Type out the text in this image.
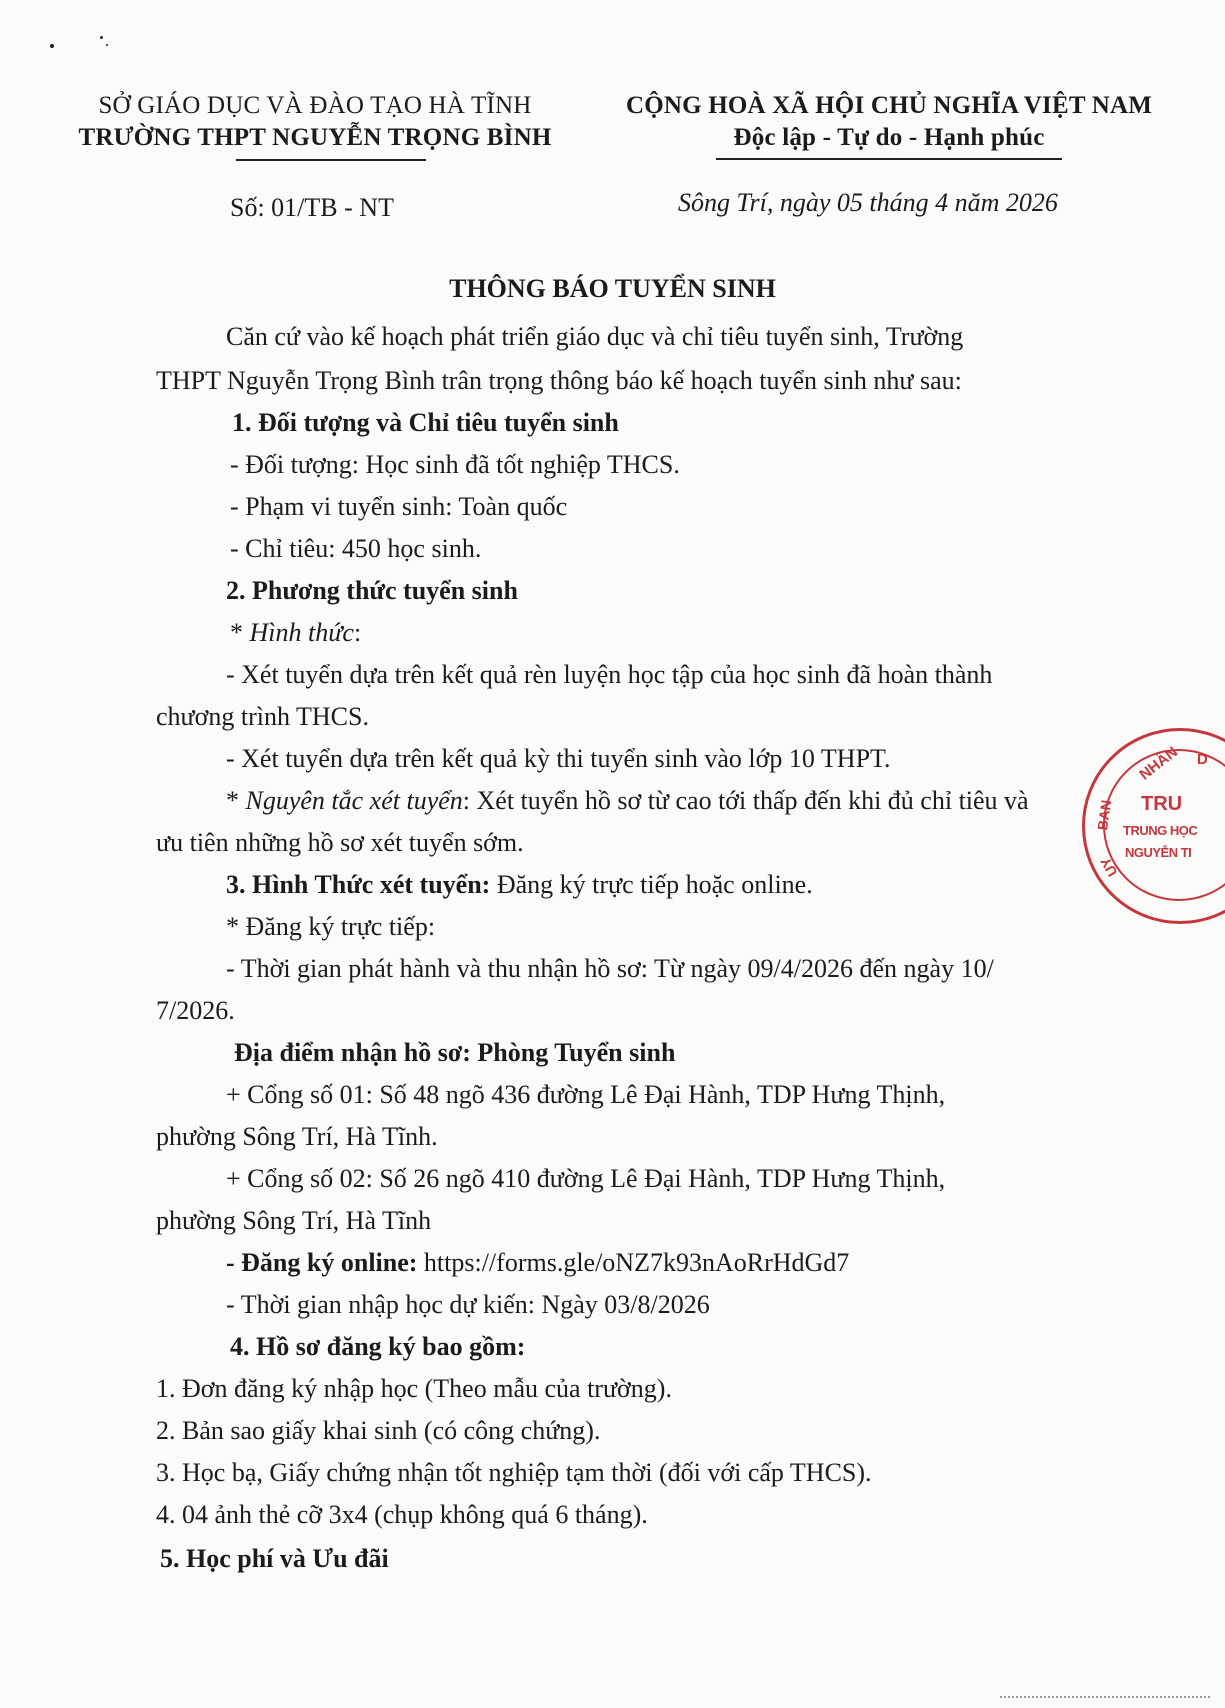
SỞ GIÁO DỤC VÀ ĐÀO TẠO HÀ TĨNH
TRƯỜNG THPT NGUYỄN TRỌNG BÌNH
CỘNG HOÀ XÃ HỘI CHỦ NGHĨA VIỆT NAM
Độc lập - Tự do - Hạnh phúc
Số: 01/TB - NT	Sông Trí, ngày 05 tháng 4 năm 2026
THÔNG BÁO TUYỂN SINH
Căn cứ vào kế hoạch phát triển giáo dục và chỉ tiêu tuyển sinh, Trường
THPT Nguyễn Trọng Bình trân trọng thông báo kế hoạch tuyển sinh như sau:
1. Đối tượng và Chỉ tiêu tuyển sinh
- Đối tượng: Học sinh đã tốt nghiệp THCS.
- Phạm vi tuyển sinh: Toàn quốc
- Chỉ tiêu: 450 học sinh.
2. Phương thức tuyển sinh
* Hình thức:
- Xét tuyển dựa trên kết quả rèn luyện học tập của học sinh đã hoàn thành
chương trình THCS.
- Xét tuyển dựa trên kết quả kỳ thi tuyển sinh vào lớp 10 THPT.
* Nguyên tắc xét tuyển: Xét tuyển hồ sơ từ cao tới thấp đến khi đủ chỉ tiêu và
ưu tiên những hồ sơ xét tuyển sớm.
3. Hình Thức xét tuyển: Đăng ký trực tiếp hoặc online.
* Đăng ký trực tiếp:
- Thời gian phát hành và thu nhận hồ sơ: Từ ngày 09/4/2026 đến ngày 10/
7/2026.
Địa điểm nhận hồ sơ: Phòng Tuyển sinh
+ Cổng số 01: Số 48 ngõ 436 đường Lê Đại Hành, TDP Hưng Thịnh,
phường Sông Trí, Hà Tĩnh.
+ Cổng số 02: Số 26 ngõ 410 đường Lê Đại Hành, TDP Hưng Thịnh,
phường Sông Trí, Hà Tĩnh
- Đăng ký online: https://forms.gle/oNZ7k93nAoRrHdGd7
- Thời gian nhập học dự kiến: Ngày 03/8/2026
4. Hồ sơ đăng ký bao gồm:
1. Đơn đăng ký nhập học (Theo mẫu của trường).
2. Bản sao giấy khai sinh (có công chứng).
3. Học bạ, Giấy chứng nhận tốt nghiệp tạm thời (đối với cấp THCS).
4. 04 ảnh thẻ cỡ 3x4 (chụp không quá 6 tháng).
5. Học phí và Ưu đãi
NHÂN
BAN
UY
D
TRU
TRUNG HỌC
NGUYỄN TI
